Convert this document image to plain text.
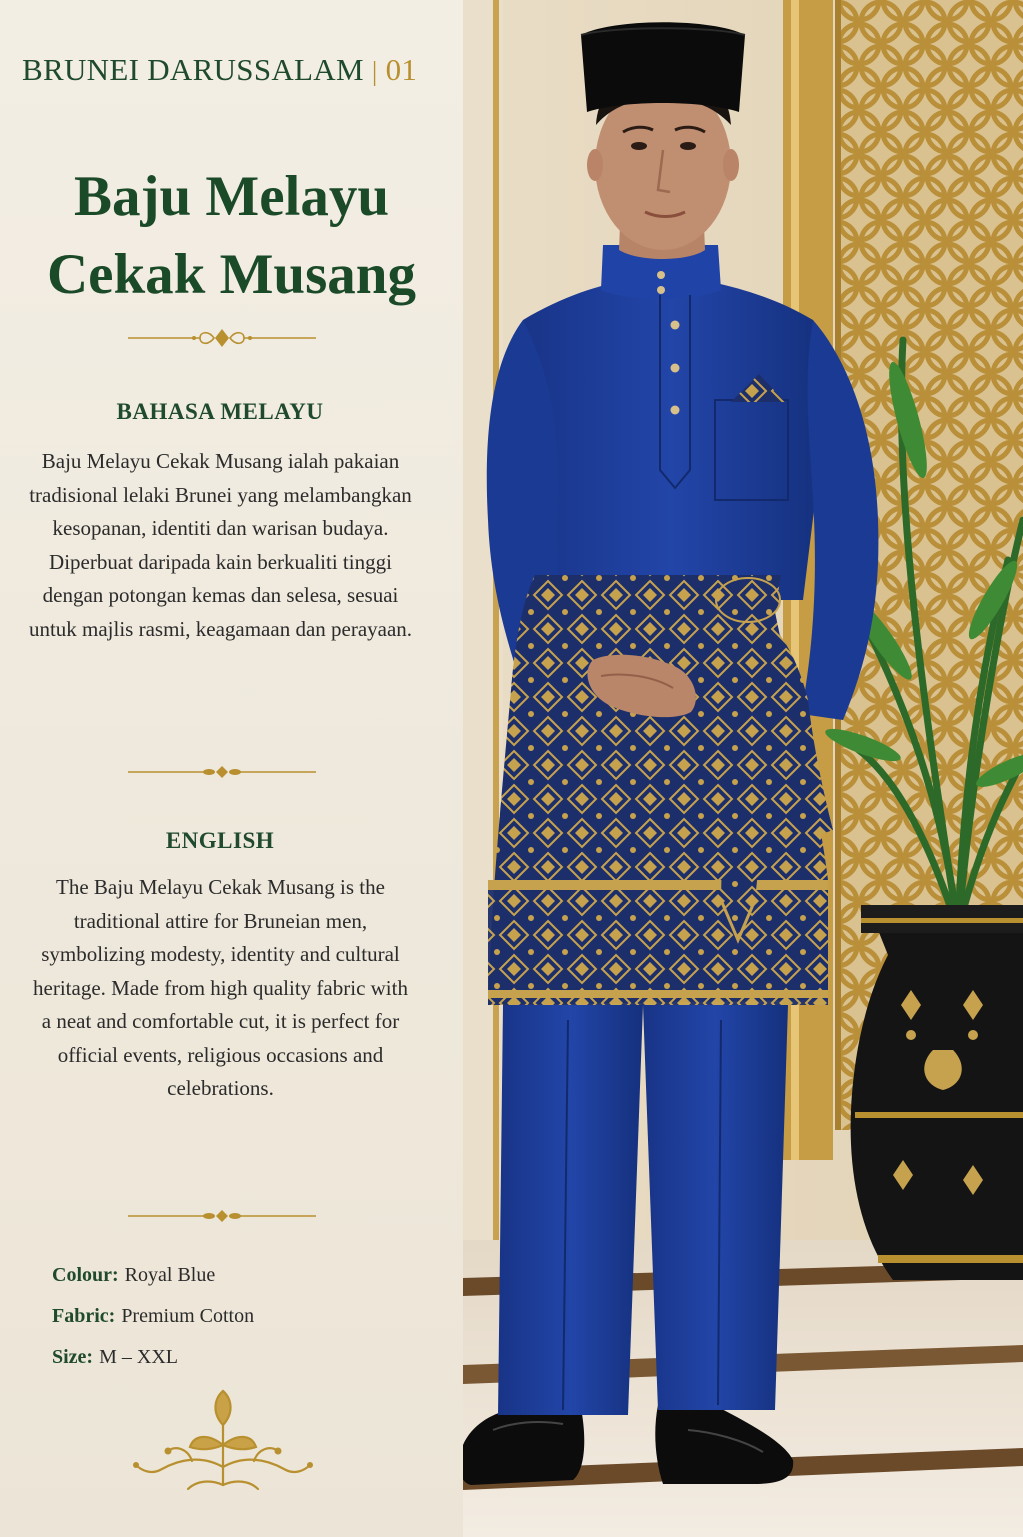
BRUNEI DARUSSALAM | 01
Baju Melayu
Cekak Musang
BAHASA MELAYU
Baju Melayu Cekak Musang ialah pakaian tradisional lelaki Brunei yang melambangkan kesopanan, identiti dan warisan budaya. Diperbuat daripada kain berkualiti tinggi dengan potongan kemas dan selesa, sesuai untuk majlis rasmi, keagamaan dan perayaan.
ENGLISH
The Baju Melayu Cekak Musang is the traditional attire for Bruneian men, symbolizing modesty, identity and cultural heritage. Made from high quality fabric with a neat and comfortable cut, it is perfect for official events, religious occasions and celebrations.
Colour: Royal Blue
Fabric: Premium Cotton
Size: M – XXL
